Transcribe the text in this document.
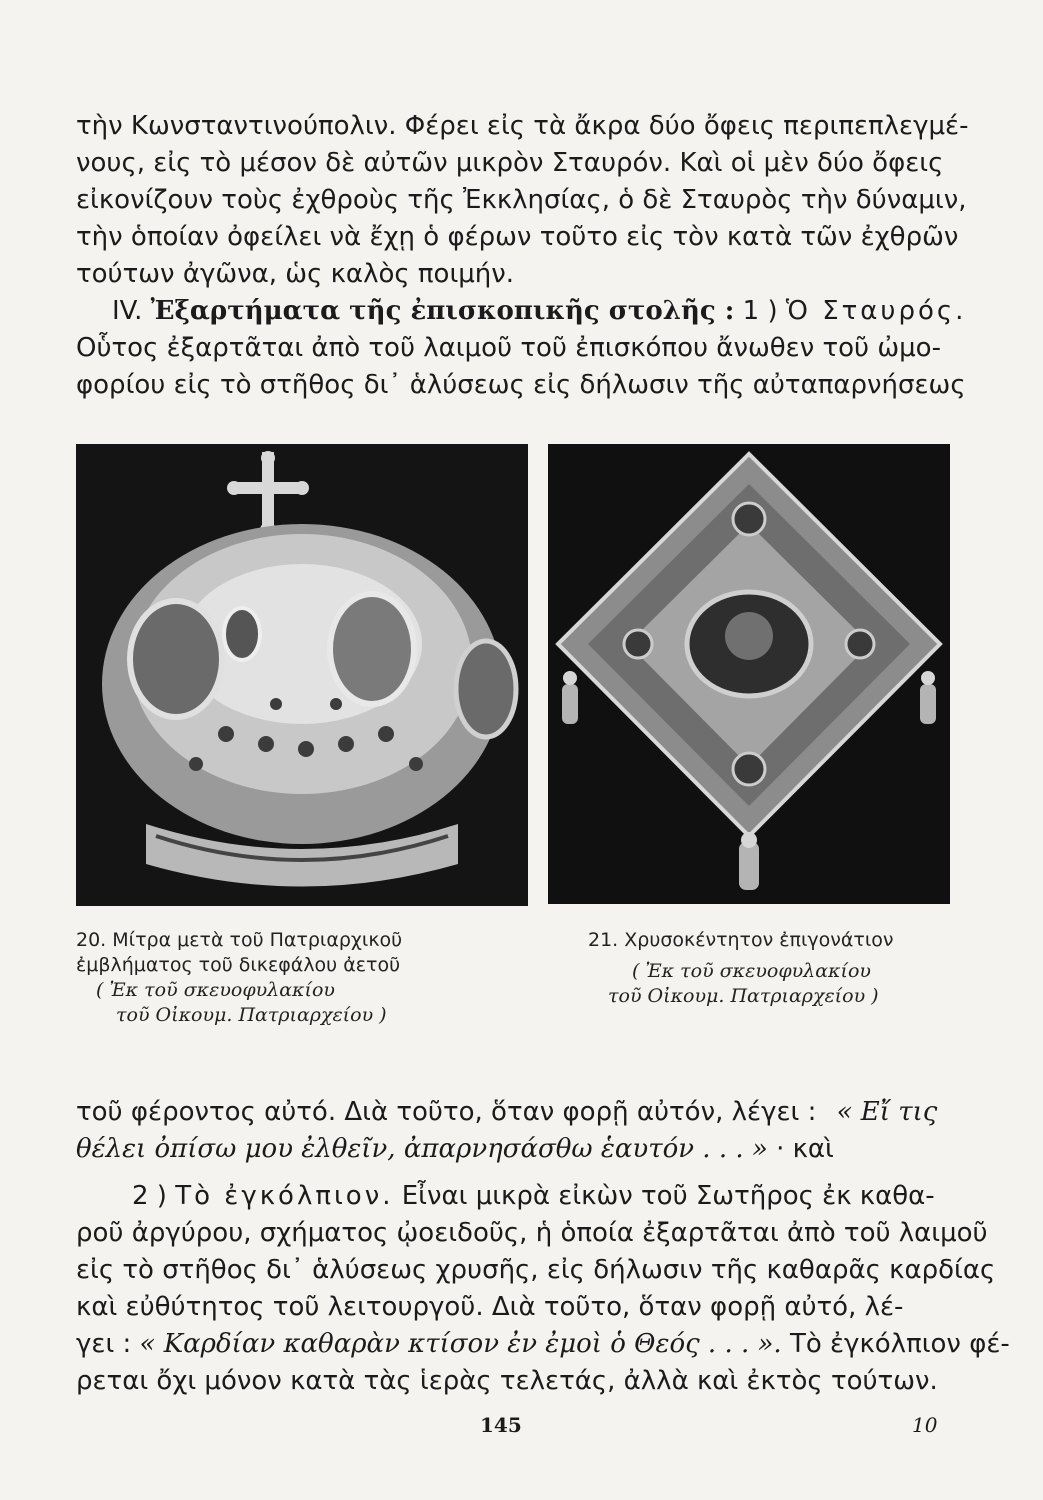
τὴν Κωνσταντινούπολιν. Φέρει εἰς τὰ ἄκρα δύο ὄφεις περιπεπλεγμέ-
νους, εἰς τὸ μέσον δὲ αὐτῶν μικρὸν Σταυρόν. Καὶ οἱ μὲν δύο ὄφεις
εἰκονίζουν τοὺς ἐχθροὺς τῆς Ἐκκλησίας, ὁ δὲ Σταυρὸς τὴν δύναμιν,
τὴν ὁποίαν ὀφείλει νὰ ἔχῃ ὁ φέρων τοῦτο εἰς τὸν κατὰ τῶν ἐχθρῶν
τούτων ἀγῶνα, ὡς καλὸς ποιμήν.
IV. Ἐξαρτήματα τῆς ἐπισκοπικῆς στολῆς : 1 ) Ὁ Σταυρός.
Οὗτος ἐξαρτᾶται ἀπὸ τοῦ λαιμοῦ τοῦ ἐπισκόπου ἄνωθεν τοῦ ὠμο-
φορίου εἰς τὸ στῆθος δι᾽ ἁλύσεως εἰς δήλωσιν τῆς αὐταπαρνήσεως
20. Μίτρα μετὰ τοῦ Πατριαρχικοῦ
ἐμβλήματος τοῦ δικεφάλου ἀετοῦ
( Ἐκ τοῦ σκευοφυλακίου
τοῦ Οἰκουμ. Πατριαρχείου )
21. Χρυσοκέντητον ἐπιγονάτιον
( Ἐκ τοῦ σκευοφυλακίου
τοῦ Οἰκουμ. Πατριαρχείου )
τοῦ φέροντος αὐτό. Διὰ τοῦτο, ὅταν φορῇ αὐτόν, λέγει : « Εἴ τις
θέλει ὀπίσω μου ἐλθεῖν, ἀπαρνησάσθω ἑαυτόν . . . » · καὶ
2 ) Τὸ ἐγκόλπιον. Εἶναι μικρὰ εἰκὼν τοῦ Σωτῆρος ἐκ καθα-
ροῦ ἀργύρου, σχήματος ᾠοειδοῦς, ἡ ὁποία ἐξαρτᾶται ἀπὸ τοῦ λαιμοῦ
εἰς τὸ στῆθος δι᾽ ἁλύσεως χρυσῆς, εἰς δήλωσιν τῆς καθαρᾶς καρδίας
καὶ εὐθύτητος τοῦ λειτουργοῦ. Διὰ τοῦτο, ὅταν φορῇ αὐτό, λέ-
γει : « Καρδίαν καθαρὰν κτίσον ἐν ἐμοὶ ὁ Θεός . . . ». Τὸ ἐγκόλπιον φέ-
ρεται ὄχι μόνον κατὰ τὰς ἱερὰς τελετάς, ἀλλὰ καὶ ἐκτὸς τούτων.
145	10
